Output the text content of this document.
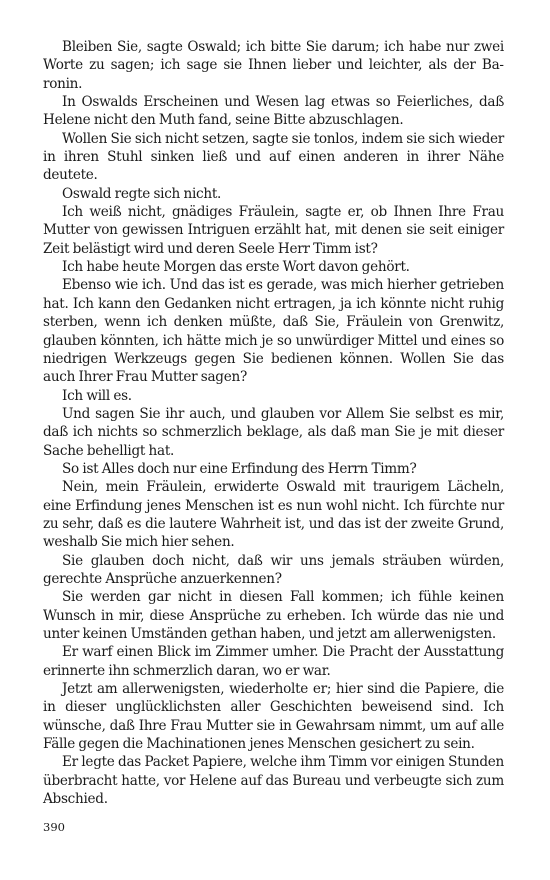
Bleiben Sie, sagte Oswald; ich bitte Sie darum; ich habe nur zwei Worte zu sagen; ich sage sie Ihnen lieber und leichter, als der Baronin.

In Oswalds Erscheinen und Wesen lag etwas so Feierliches, daß Helene nicht den Muth fand, seine Bitte abzuschlagen.

Wollen Sie sich nicht setzen, sagte sie tonlos, indem sie sich wieder in ihren Stuhl sinken ließ und auf einen anderen in ihrer Nähe deutete.

Oswald regte sich nicht.

Ich weiß nicht, gnädiges Fräulein, sagte er, ob Ihnen Ihre Frau Mutter von gewissen Intriguen erzählt hat, mit denen sie seit einiger Zeit belästigt wird und deren Seele Herr Timm ist?

Ich habe heute Morgen das erste Wort davon gehört.

Ebenso wie ich. Und das ist es gerade, was mich hierher getrieben hat. Ich kann den Gedanken nicht ertragen, ja ich könnte nicht ruhig sterben, wenn ich denken müßte, daß Sie, Fräulein von Grenwitz, glauben könnten, ich hätte mich je so unwürdiger Mittel und eines so niedrigen Werkzeugs gegen Sie bedienen können. Wollen Sie das auch Ihrer Frau Mutter sagen?

Ich will es.

Und sagen Sie ihr auch, und glauben vor Allem Sie selbst es mir, daß ich nichts so schmerzlich beklage, als daß man Sie je mit dieser Sache behelligt hat.

So ist Alles doch nur eine Erfindung des Herrn Timm?

Nein, mein Fräulein, erwiderte Oswald mit traurigem Lächeln, eine Erfindung jenes Menschen ist es nun wohl nicht. Ich fürchte nur zu sehr, daß es die lautere Wahrheit ist, und das ist der zweite Grund, weshalb Sie mich hier sehen.

Sie glauben doch nicht, daß wir uns jemals sträuben würden, gerechte Ansprüche anzuerkennen?

Sie werden gar nicht in diesen Fall kommen; ich fühle keinen Wunsch in mir, diese Ansprüche zu erheben. Ich würde das nie und unter keinen Umständen gethan haben, und jetzt am allerwenigsten.

Er warf einen Blick im Zimmer umher. Die Pracht der Ausstattung erinnerte ihn schmerzlich daran, wo er war.

Jetzt am allerwenigsten, wiederholte er; hier sind die Papiere, die in dieser unglücklichsten aller Geschichten beweisend sind. Ich wünsche, daß Ihre Frau Mutter sie in Gewahrsam nimmt, um auf alle Fälle gegen die Machinationen jenes Menschen gesichert zu sein.

Er legte das Packet Papiere, welche ihm Timm vor einigen Stunden überbracht hatte, vor Helene auf das Bureau und verbeugte sich zum Abschied.

390
